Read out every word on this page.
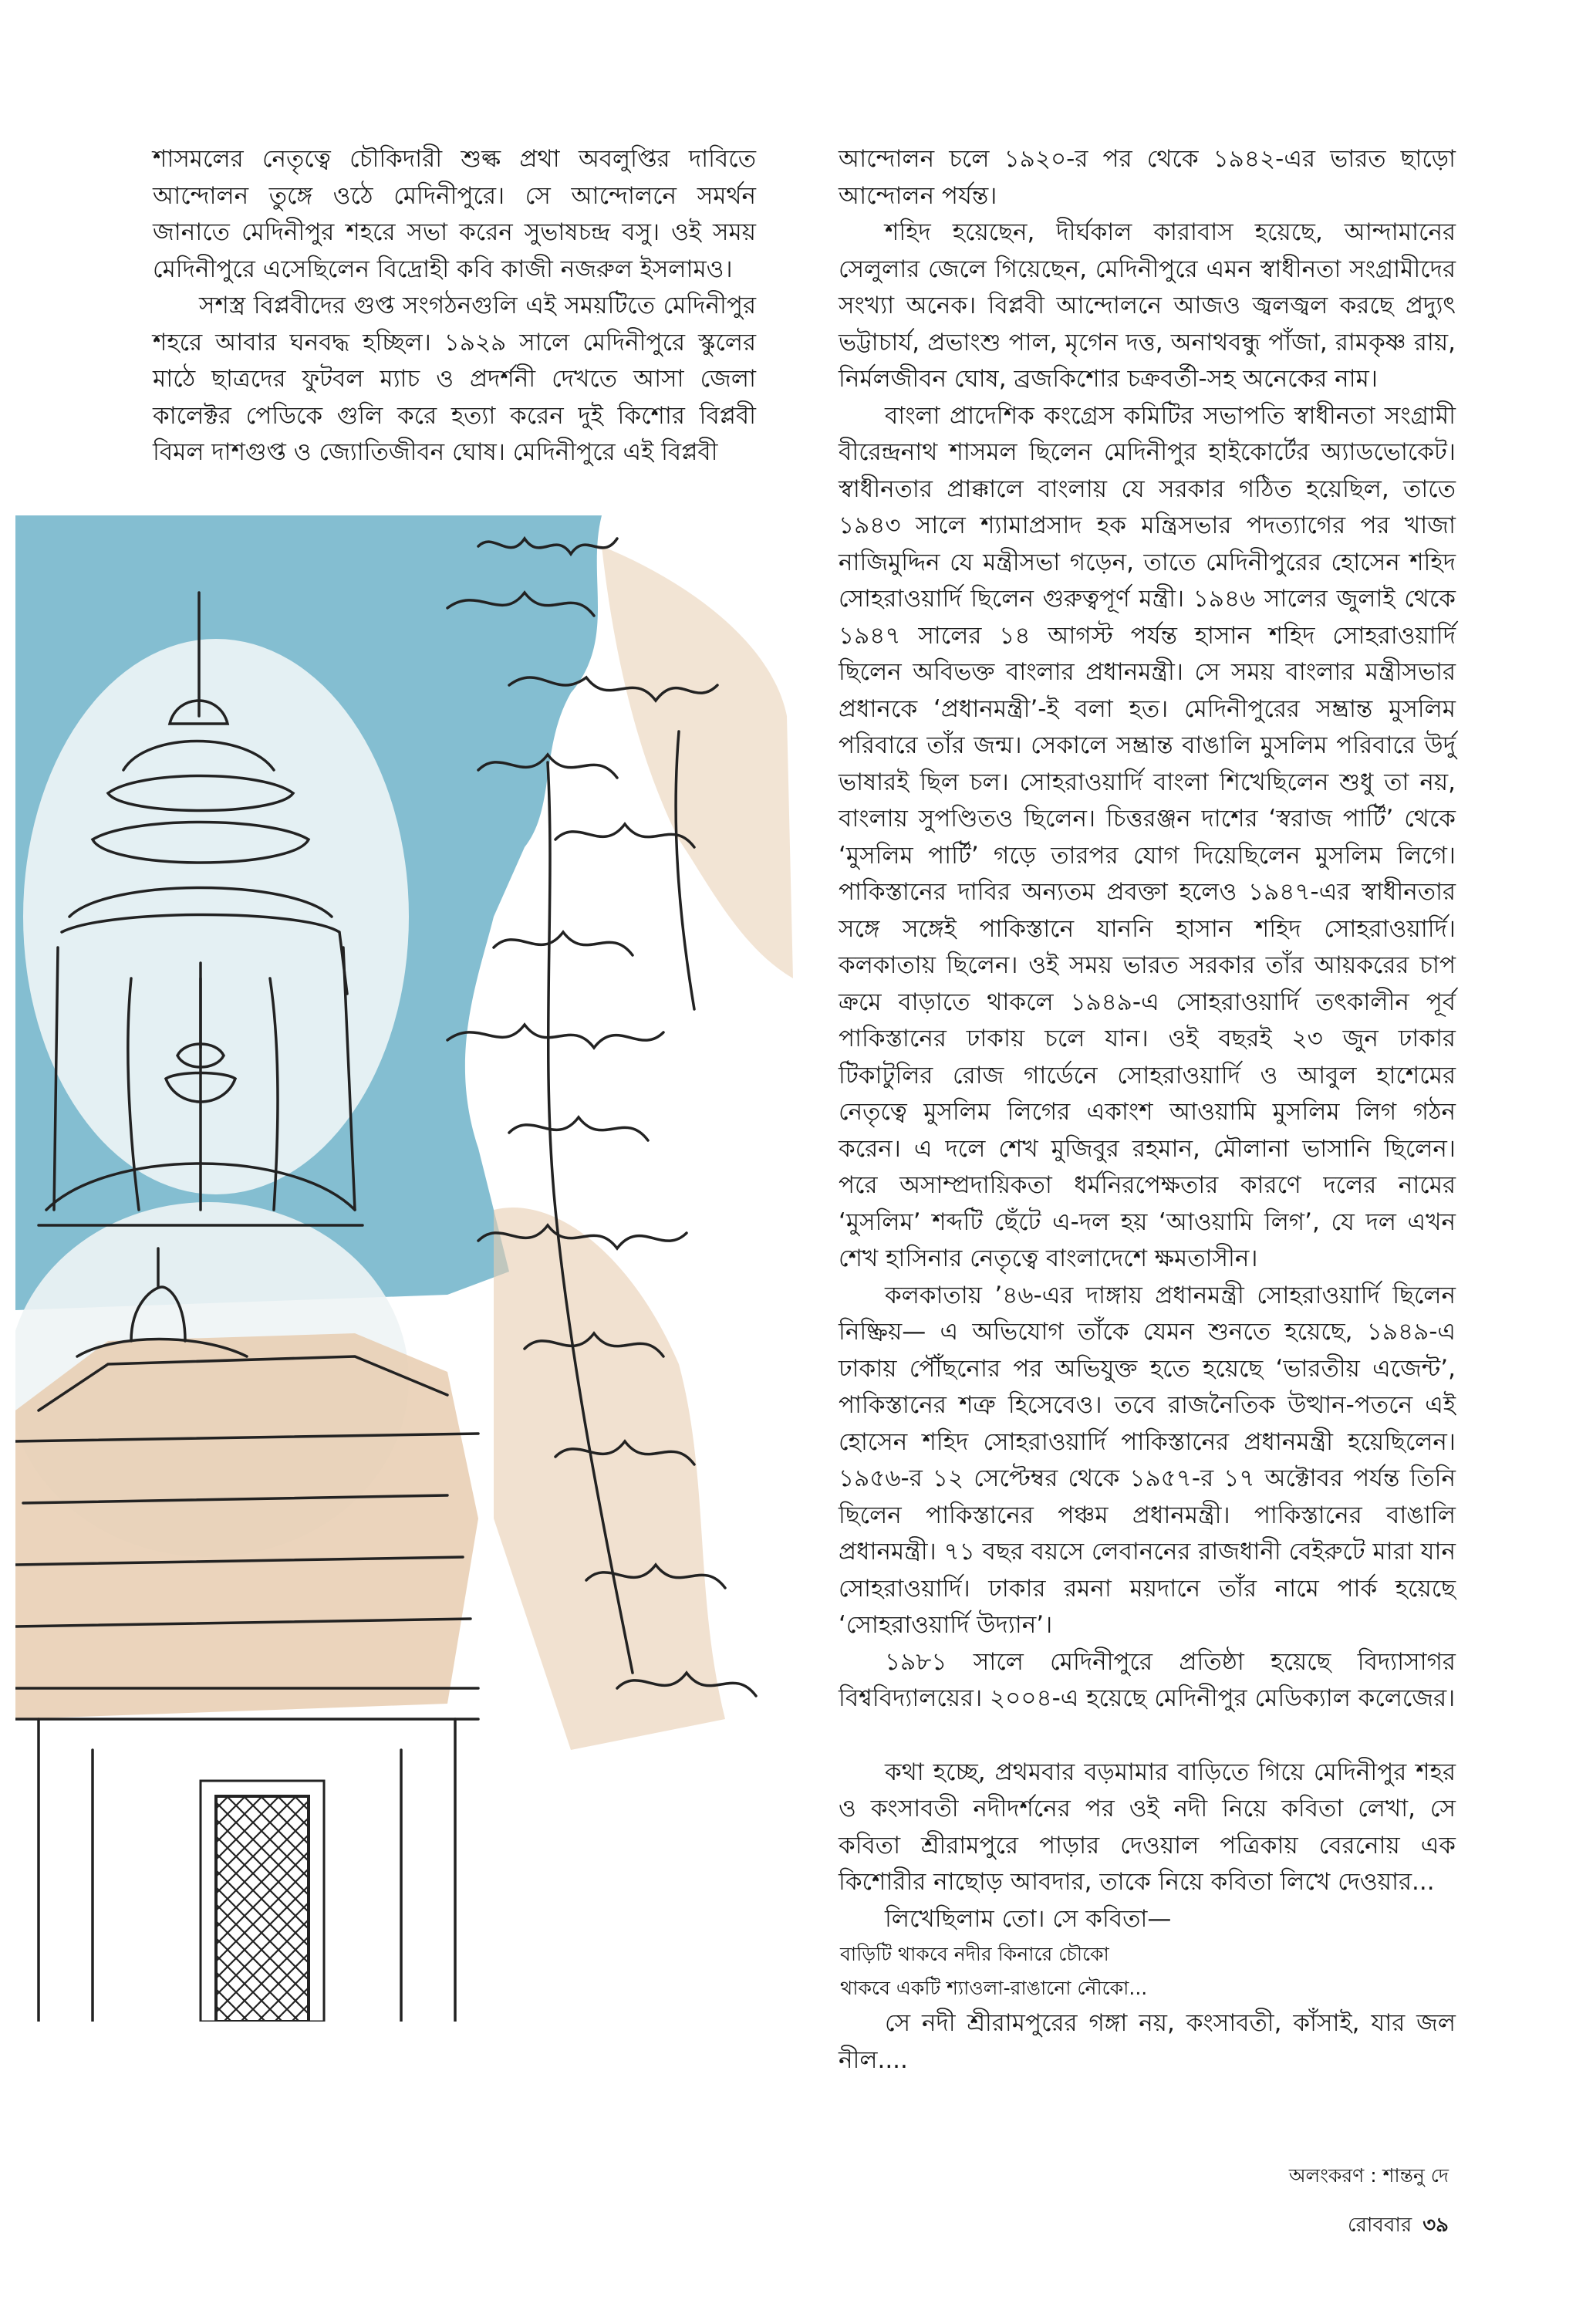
শাসমলের নেতৃত্বে চৌকিদারী শুল্ক প্রথা অবলুপ্তির দাবিতে আন্দোলন তুঙ্গে ওঠে মেদিনীপুরে। সে আন্দোলনে সমর্থন জানাতে মেদিনীপুর শহরে সভা করেন সুভাষচন্দ্র বসু। ওই সময় মেদিনীপুরে এসেছিলেন বিদ্রোহী কবি কাজী নজরুল ইসলামও।

সশস্ত্র বিপ্লবীদের গুপ্ত সংগঠনগুলি এই সময়টিতে মেদিনীপুর শহরে আবার ঘনবদ্ধ হচ্ছিল। ১৯২৯ সালে মেদিনীপুরে স্কুলের মাঠে ছাত্রদের ফুটবল ম্যাচ ও প্রদর্শনী দেখতে আসা জেলা কালেক্টর পেডিকে গুলি করে হত্যা করেন দুই কিশোর বিপ্লবী বিমল দাশগুপ্ত ও জ্যোতিজীবন ঘোষ। মেদিনীপুরে এই বিপ্লবী

আন্দোলন চলে ১৯২০-র পর থেকে ১৯৪২-এর ভারত ছাড়ো আন্দোলন পর্যন্ত।

শহিদ হয়েছেন, দীর্ঘকাল কারাবাস হয়েছে, আন্দামানের সেলুলার জেলে গিয়েছেন, মেদিনীপুরে এমন স্বাধীনতা সংগ্রামীদের সংখ্যা অনেক। বিপ্লবী আন্দোলনে আজও জ্বলজ্বল করছে প্রদ্যুৎ ভট্টাচার্য, প্রভাংশু পাল, মৃগেন দত্ত, অনাথবন্ধু পাঁজা, রামকৃষ্ণ রায়, নির্মলজীবন ঘোষ, ব্রজকিশোর চক্রবর্তী-সহ অনেকের নাম।

বাংলা প্রাদেশিক কংগ্রেস কমিটির সভাপতি স্বাধীনতা সংগ্রামী বীরেন্দ্রনাথ শাসমল ছিলেন মেদিনীপুর হাইকোর্টের অ্যাডভোকেট। স্বাধীনতার প্রাক্কালে বাংলায় যে সরকার গঠিত হয়েছিল, তাতে ১৯৪৩ সালে শ্যামাপ্রসাদ হক মন্ত্রিসভার পদত্যাগের পর খাজা নাজিমুদ্দিন যে মন্ত্রীসভা গড়েন, তাতে মেদিনীপুরের হোসেন শহিদ সোহরাওয়ার্দি ছিলেন গুরুত্বপূর্ণ মন্ত্রী। ১৯৪৬ সালের জুলাই থেকে ১৯৪৭ সালের ১৪ আগস্ট পর্যন্ত হাসান শহিদ সোহরাওয়ার্দি ছিলেন অবিভক্ত বাংলার প্রধানমন্ত্রী। সে সময় বাংলার মন্ত্রীসভার প্রধানকে ‘প্রধানমন্ত্রী’-ই বলা হত। মেদিনীপুরের সম্ভ্রান্ত মুসলিম পরিবারে তাঁর জন্ম। সেকালে সম্ভ্রান্ত বাঙালি মুসলিম পরিবারে উর্দু ভাষারই ছিল চল। সোহরাওয়ার্দি বাংলা শিখেছিলেন শুধু তা নয়, বাংলায় সুপণ্ডিতও ছিলেন। চিত্তরঞ্জন দাশের ‘স্বরাজ পার্টি’ থেকে ‘মুসলিম পার্টি’ গড়ে তারপর যোগ দিয়েছিলেন মুসলিম লিগে। পাকিস্তানের দাবির অন্যতম প্রবক্তা হলেও ১৯৪৭-এর স্বাধীনতার সঙ্গে সঙ্গেই পাকিস্তানে যাননি হাসান শহিদ সোহরাওয়ার্দি। কলকাতায় ছিলেন। ওই সময় ভারত সরকার তাঁর আয়করের চাপ ক্রমে বাড়াতে থাকলে ১৯৪৯-এ সোহরাওয়ার্দি তৎকালীন পূর্ব পাকিস্তানের ঢাকায় চলে যান। ওই বছরই ২৩ জুন ঢাকার টিকাটুলির রোজ গার্ডেনে সোহরাওয়ার্দি ও আবুল হাশেমের নেতৃত্বে মুসলিম লিগের একাংশ আওয়ামি মুসলিম লিগ গঠন করেন। এ দলে শেখ মুজিবুর রহমান, মৌলানা ভাসানি ছিলেন। পরে অসাম্প্রদায়িকতা ধর্মনিরপেক্ষতার কারণে দলের নামের ‘মুসলিম’ শব্দটি ছেঁটে এ-দল হয় ‘আওয়ামি লিগ’, যে দল এখন শেখ হাসিনার নেতৃত্বে বাংলাদেশে ক্ষমতাসীন।

কলকাতায় ’৪৬-এর দাঙ্গায় প্রধানমন্ত্রী সোহরাওয়ার্দি ছিলেন নিষ্ক্রিয়— এ অভিযোগ তাঁকে যেমন শুনতে হয়েছে, ১৯৪৯-এ ঢাকায় পৌঁছনোর পর অভিযুক্ত হতে হয়েছে ‘ভারতীয় এজেন্ট’, পাকিস্তানের শত্রু হিসেবেও। তবে রাজনৈতিক উত্থান-পতনে এই হোসেন শহিদ সোহরাওয়ার্দি পাকিস্তানের প্রধানমন্ত্রী হয়েছিলেন। ১৯৫৬-র ১২ সেপ্টেম্বর থেকে ১৯৫৭-র ১৭ অক্টোবর পর্যন্ত তিনি ছিলেন পাকিস্তানের পঞ্চম প্রধানমন্ত্রী। পাকিস্তানের বাঙালি প্রধানমন্ত্রী। ৭১ বছর বয়সে লেবাননের রাজধানী বেইরুটে মারা যান সোহরাওয়ার্দি। ঢাকার রমনা ময়দানে তাঁর নামে পার্ক হয়েছে ‘সোহরাওয়ার্দি উদ্যান’।

১৯৮১ সালে মেদিনীপুরে প্রতিষ্ঠা হয়েছে বিদ্যাসাগর বিশ্ববিদ্যালয়ের। ২০০৪-এ হয়েছে মেদিনীপুর মেডিক্যাল কলেজের।

কথা হচ্ছে, প্রথমবার বড়মামার বাড়িতে গিয়ে মেদিনীপুর শহর ও কংসাবতী নদীদর্শনের পর ওই নদী নিয়ে কবিতা লেখা, সে কবিতা শ্রীরামপুরে পাড়ার দেওয়াল পত্রিকায় বেরনোয় এক কিশোরীর নাছোড় আবদার, তাকে নিয়ে কবিতা লিখে দেওয়ার...

লিখেছিলাম তো। সে কবিতা—

বাড়িটি থাকবে নদীর কিনারে চৌকো

থাকবে একটি শ্যাওলা-রাঙানো নৌকো...

সে নদী শ্রীরামপুরের গঙ্গা নয়, কংসাবতী, কাঁসাই, যার জল নীল....

অলংকরণ : শান্তনু দে
রোববার ৩৯
